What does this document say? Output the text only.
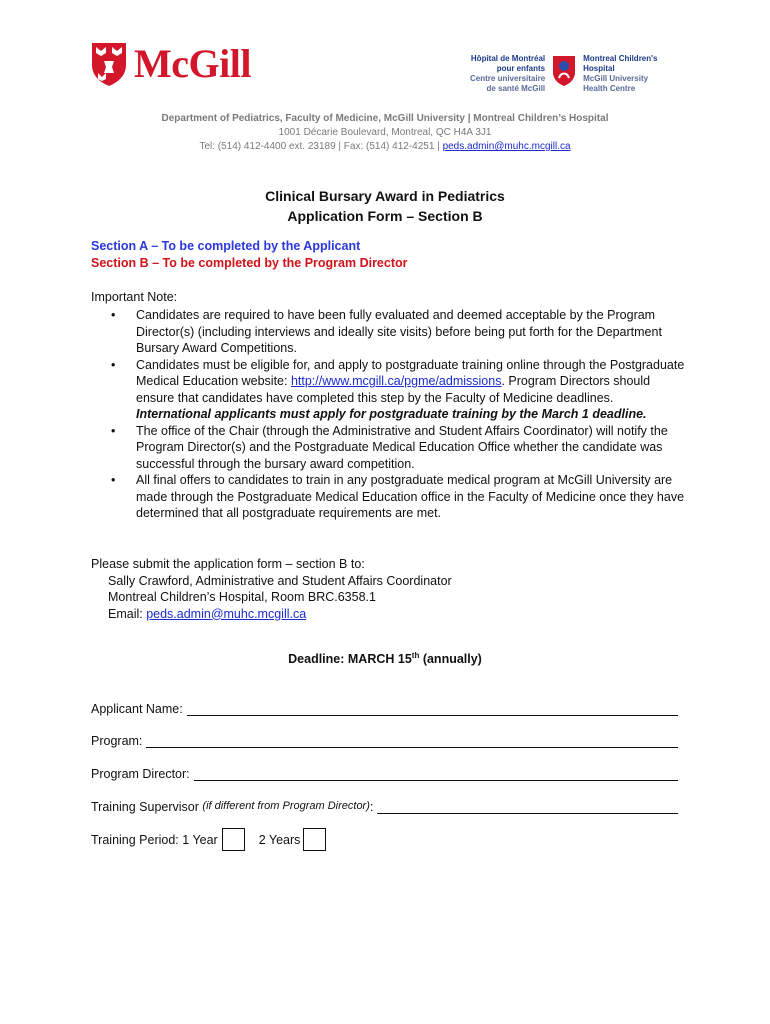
McGill	Hôpital de Montréal
pour enfants
Centre universitaire
de santé McGill
Montreal Children's
Hospital
McGill University
Health Centre
Department of Pediatrics, Faculty of Medicine, McGill University | Montreal Children’s Hospital
1001 Décarie Boulevard, Montreal, QC H4A 3J1
Tel: (514) 412-4400 ext. 23189 | Fax: (514) 412-4251 | peds.admin@muhc.mcgill.ca
Clinical Bursary Award in Pediatrics
Application Form – Section B
Section A – To be completed by the Applicant
Section B – To be completed by the Program Director
Important Note:
• Candidates are required to have been fully evaluated and deemed acceptable by the Program Director(s) (including interviews and ideally site visits) before being put forth for the Department Bursary Award Competitions.
• Candidates must be eligible for, and apply to postgraduate training online through the Postgraduate Medical Education website: http://www.mcgill.ca/pgme/admissions. Program Directors should ensure that candidates have completed this step by the Faculty of Medicine deadlines. International applicants must apply for postgraduate training by the March 1 deadline.
• The office of the Chair (through the Administrative and Student Affairs Coordinator) will notify the Program Director(s) and the Postgraduate Medical Education Office whether the candidate was successful through the bursary award competition.
• All final offers to candidates to train in any postgraduate medical program at McGill University are made through the Postgraduate Medical Education office in the Faculty of Medicine once they have determined that all postgraduate requirements are met.
Please submit the application form – section B to:
Sally Crawford, Administrative and Student Affairs Coordinator
Montreal Children’s Hospital, Room BRC.6358.1
Email: peds.admin@muhc.mcgill.ca
Deadline: MARCH 15th (annually)
Applicant Name:
Program:
Program Director:
Training Supervisor
(if different from Program Director) :
Training Period: 1 Year	2 Years
